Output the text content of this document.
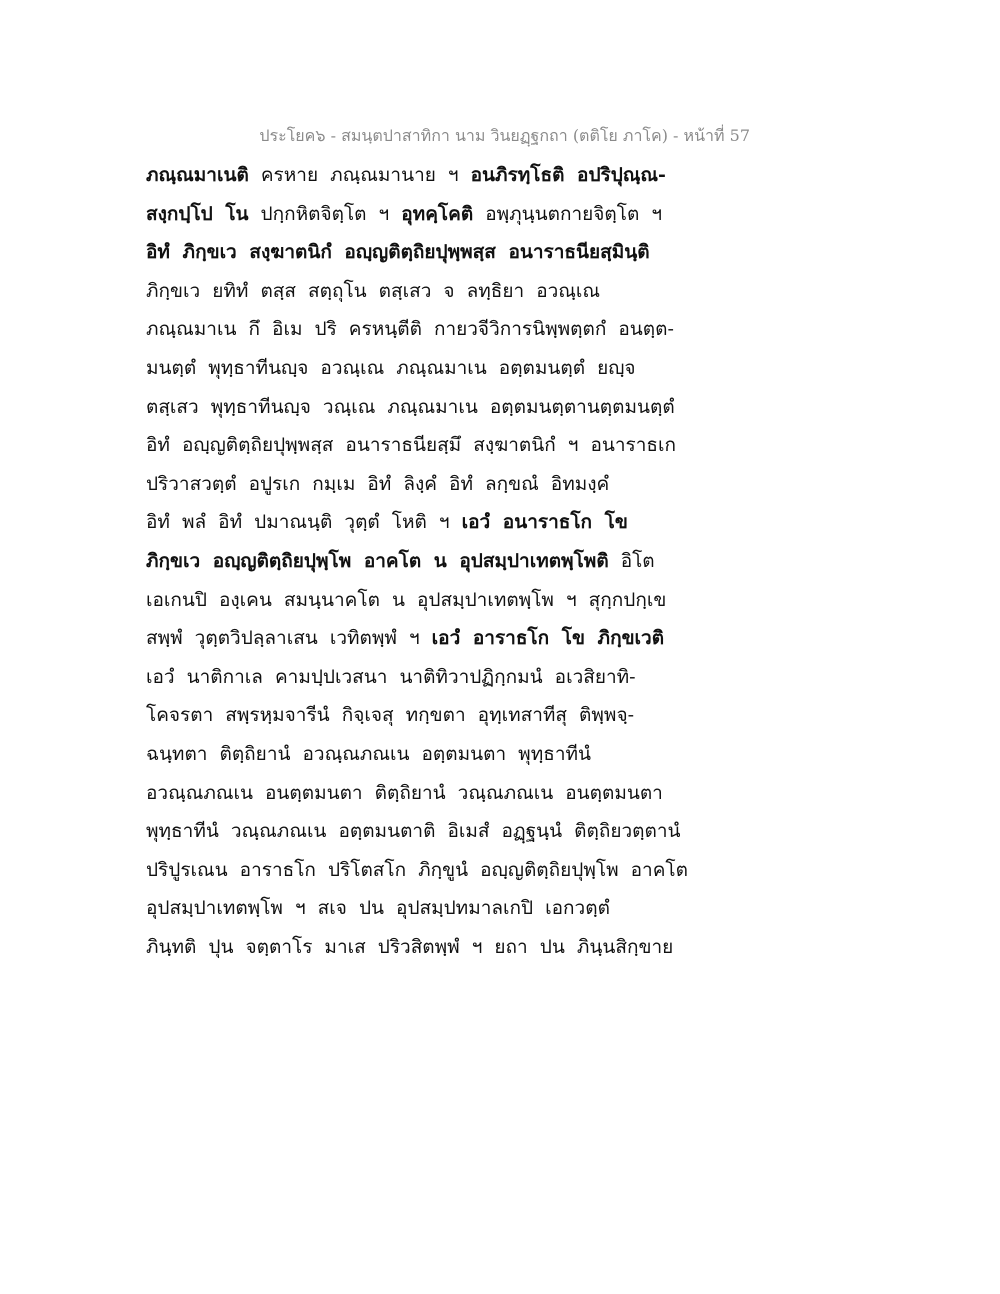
ประโยค๖ - สมนฺตปาสาทิกา นาม วินยฏฺฐกถา (ตติโย ภาโค) - หน้าที่ 57
ภณฺณมาเนติ ครหาย ภณฺณมานาย ฯ อนภิรทฺโธติ อปริปุณฺณ-
สงฺกปฺโป โน ปกฺกหิตจิตฺโต ฯ อุทคฺโคติ อพฺภุนฺนตกายจิตฺโต ฯ
อิทํ ภิกฺขเว สงฺฆาตนิกํ อญฺญติตฺถิยปุพฺพสฺส อนาราธนียสฺมินฺติ
ภิกฺขเว ยทิทํ ตสฺส สตฺถุโน ตสฺเสว จ ลทฺธิยา อวณฺเณ
ภณฺณมาเน กึ อิเม ปริ ครหนฺตีติ กายวจีวิการนิพฺพตฺตกํ อนตฺต-
มนตฺตํ พุทฺธาทีนญฺจ อวณฺเณ ภณฺณมาเน อตฺตมนตฺตํ ยญฺจ
ตสฺเสว พุทฺธาทีนญฺจ วณฺเณ ภณฺณมาเน อตฺตมนตฺตานตฺตมนตฺตํ
อิทํ อญฺญติตฺถิยปุพฺพสฺส อนาราธนียสฺมึ สงฺฆาตนิกํ ฯ อนาราธเก
ปริวาสวตฺตํ อปูรเก กมฺเม อิทํ ลิงฺคํ อิทํ ลกฺขณํ อิทมงฺคํ
อิทํ พลํ อิทํ ปมาณนฺติ วุตฺตํ โหติ ฯ เอวํ อนาราธโก โข
ภิกฺขเว อญฺญติตฺถิยปุพฺโพ อาคโต น อุปสมฺปาเทตพฺโพติ อิโต
เอเกนปิ องฺเคน สมนฺนาคโต น อุปสมฺปาเทตพฺโพ ฯ สุกฺกปกฺเข
สพฺพํ วุตฺตวิปลฺลาเสน เวทิตพฺพํ ฯ เอวํ อาราธโก โข ภิกฺขเวติ
เอวํ นาติกาเล คามปฺปเวสนา นาติทิวาปฏิกฺกมนํ อเวสิยาทิ-
โคจรตา สพฺรหฺมจารีนํ กิจฺเจสุ ทกฺขตา อุทฺเทสาทีสุ ติพฺพจฺ-
ฉนฺทตา ติตฺถิยานํ อวณฺณภณเน อตฺตมนตา พุทฺธาทีนํ
อวณฺณภณเน อนตฺตมนตา ติตฺถิยานํ วณฺณภณเน อนตฺตมนตา
พุทฺธาทีนํ วณฺณภณเน อตฺตมนตาติ อิเมสํ อฏฺฐนฺนํ ติตฺถิยวตฺตานํ
ปริปูรเณน อาราธโก ปริโตสโก ภิกฺขูนํ อญฺญติตฺถิยปุพฺโพ อาคโต
อุปสมฺปาเทตพฺโพ ฯ สเจ ปน อุปสมฺปทมาลเกปิ เอกวตฺตํ
ภินฺทติ ปุน จตฺตาโร มาเส ปริวสิตพฺพํ ฯ ยถา ปน ภินฺนสิกฺขาย
